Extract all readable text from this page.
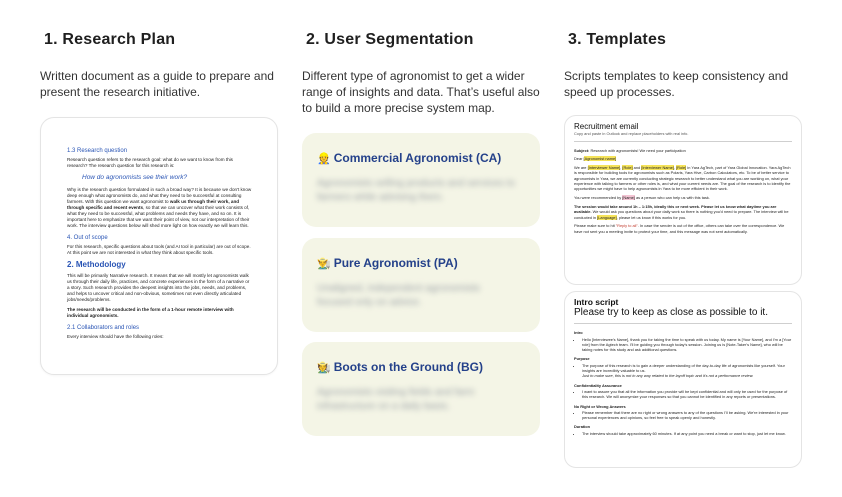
1. Research Plan
Written document as a guide to prepare and present the research initiative.
1.3 Research question

Research question refers to the research goal: what do we want to know from this research? The research question for this research is:

How do agronomists see their work?

Why is the research question formulated in such a broad way? It is because we don't know deep enough what agronomists do, and what they need to be successful at consulting farmers. With this question we want agronomist to walk us through their work, and through specific and recent events, so that we can uncover what their work consists of, what they need to be successful, what problems and needs they have, and so on. It is important here to emphasize that we want their point of view, not our interpretation of their work. The interview questions below will shed more light on how exactly we will learn this.

4. Out of scope

For this research, specific questions about tools (and AI tool in particular) are out of scope. At this point we are not interested in what they think about specific tools.

2. Methodology

This will be primarily Narrative research. It means that we will mostly let agronomists walk us through their daily life, practices, and concrete experiences in the form of a narrative or a story. Such research provides the deepest insights into the jobs, needs, and problems, and helps to uncover critical and non-obvious, sometimes not even directly articulated jobs/needs/problems.

The research will be conducted in the form of a 1-hour remote interview with individual agronomists.

2.1 Collaborators and roles

Every interview should have the following roles:

2. User Segmentation
Different type of agronomist to get a wider range of insights and data. That’s useful also to build a more precise system map.
👷 Commercial Agronomist (CA)
Agronomists selling products and services to farmers while advising them.
👨‍🌾 Pure Agronomist (PA)
Unaligned, independent agronomists focused only on advice.
🧑‍🌾 Boots on the Ground (BG)
Agronomists visiting fields and farm infrastructure on a daily basis.
3. Templates
Scripts templates to keep consistency and speed up processes.
Recruitment email
Copy and paste in Outlook and replace placeholders with real info.

Subject: Research with agronomists! We need your participation

Dear [Agronomist name]

We are [Interviewer Name], [Role] and [Interviewer Name], [Role] in Yara AgTech, part of Yara Global Innovation. Yara AgTech is responsible for building tools for agronomists such as Polaris, Yara Hive, Carbon Calculators, etc. To be of better service to agronomists in Yara, we are currently conducting strategic research to better understand what you are working on, what your experience with talking to farmers or other roles is, and what your current needs are. The goal of the research is to identify the opportunities we might have to help agronomists in Yara to be more efficient in their work.

You were recommended by [Name] as a person who can help us with this task.

The session would take around 1h – 1:15h, ideally this or next week. Please let us know what daytime you are available. We would ask you questions about your daily work so there is nothing you'd need to prepare. The interview will be conducted in [Language], please let us know if this works for you.

Please make sure to hit "Reply to all". In case the sender is out of the office, others can take over the correspondence. We have not sent you a meeting invite to protect your time, and this message was not sent automatically.

Intro script
Please try to keep as close as possible to it.
Intro
• Hello [Interviewee's Name], thank you for taking the time to speak with us today. My name is [Your Name], and I'm a [Your role] from the Agtech team. I'll be guiding you through today's session. Joining us is [Note-Taker's Name], who will be taking notes for this study and ask additional questions.
Purpose
• The purpose of this research is to gain a deeper understanding of the day-to-day life of agronomists like yourself. Your insights are incredibly valuable to us.
Just to make sure, this is not in any way related to the layoff topic and it's not a performance review.
Confidentiality Assurance
• I want to assure you that all the information you provide will be kept confidential and will only be used for the purpose of this research. We will anonymize your responses so that you cannot be identified in any reports or presentations.
No Right or Wrong Answers
• Please remember that there are no right or wrong answers to any of the questions I'll be asking. We're interested in your personal experiences and opinions, so feel free to speak openly and honestly.
Duration
• The interview should take approximately 60 minutes. If at any point you need a break or want to stop, just let me know.
